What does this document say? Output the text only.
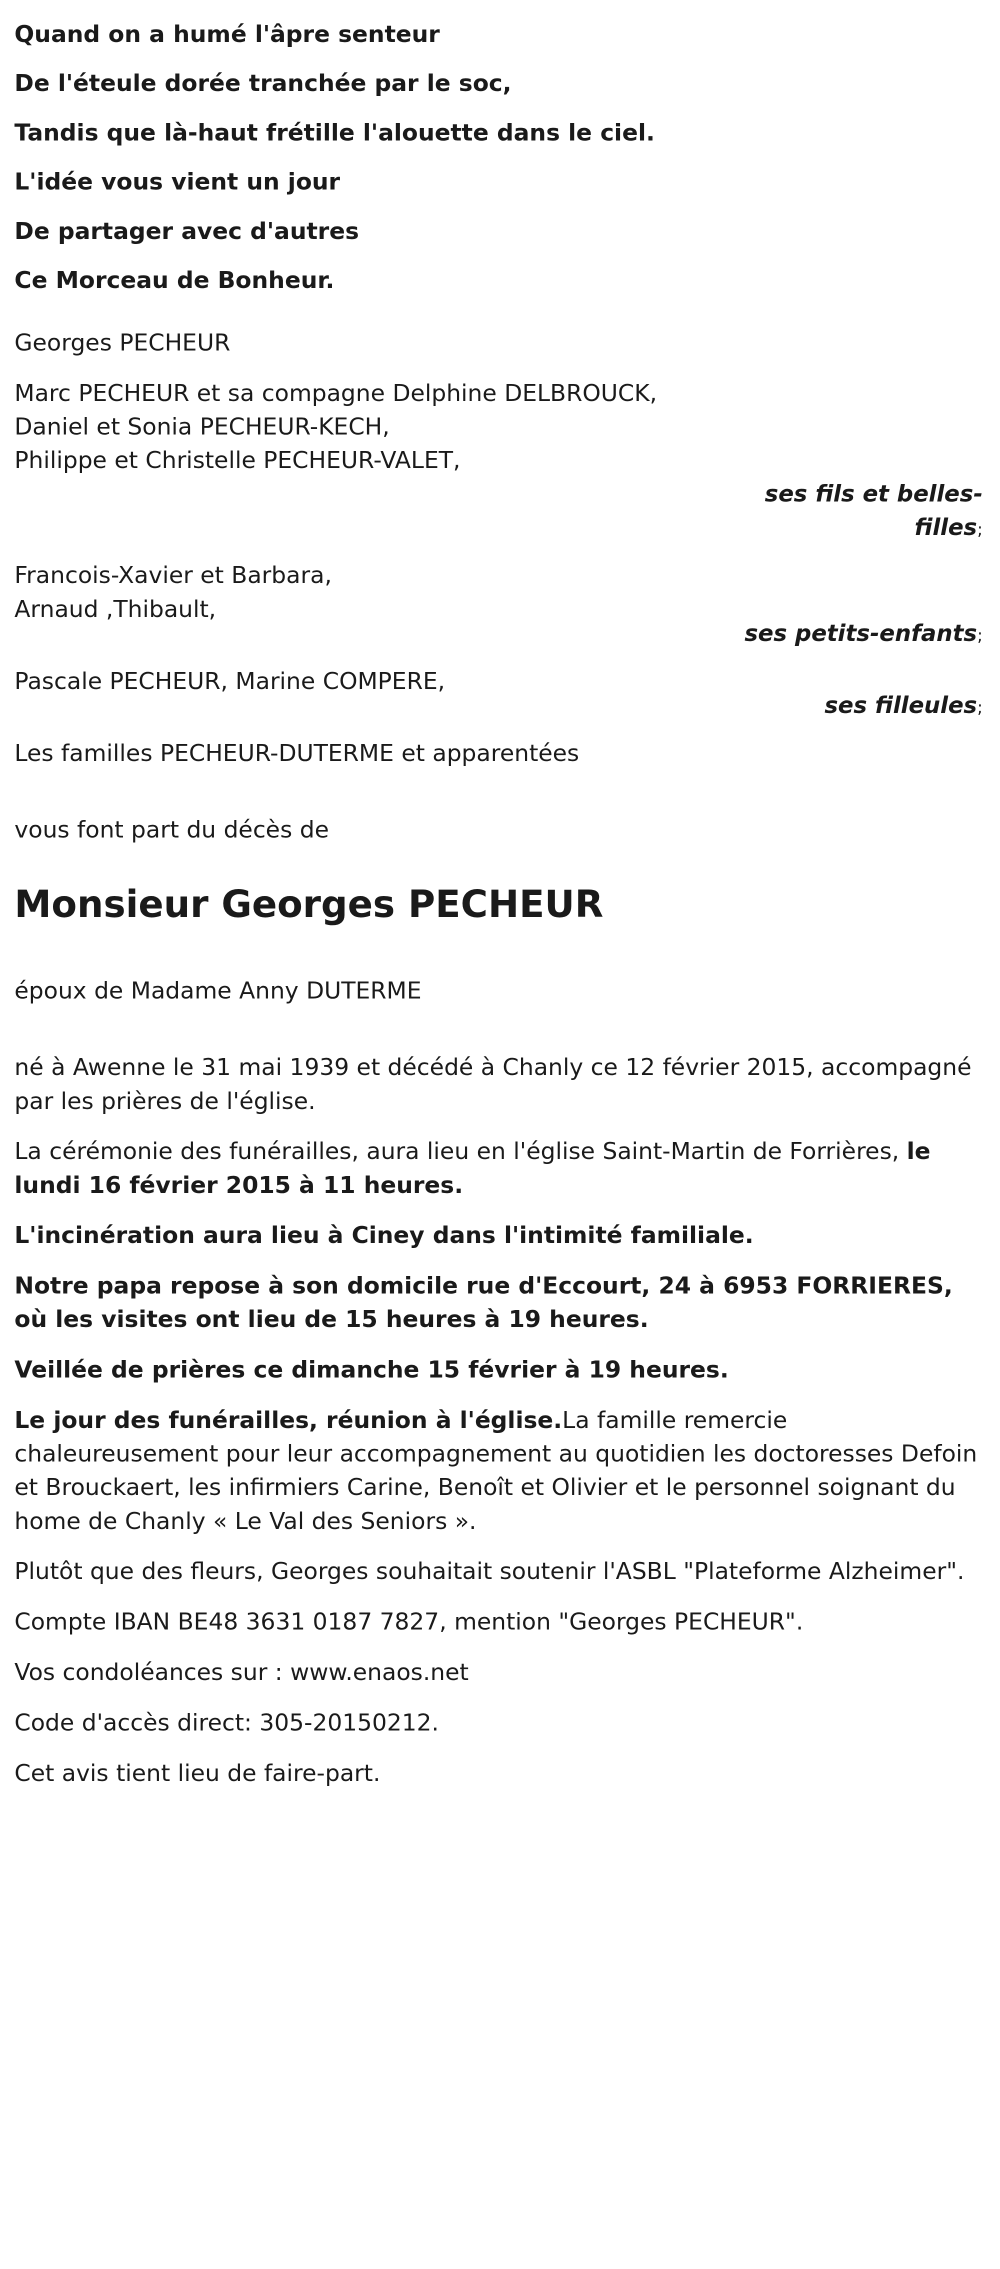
Quand on a humé l'âpre senteur

De l'éteule dorée tranchée par le soc,

Tandis que là-haut frétille l'alouette dans le ciel.

L'idée vous vient un jour

De partager avec d'autres

Ce Morceau de Bonheur.

Georges PECHEUR

Marc PECHEUR et sa compagne Delphine DELBROUCK,

Daniel et Sonia PECHEUR-KECH,

Philippe et Christelle PECHEUR-VALET,

ses fils et belles-

filles;

Francois-Xavier et Barbara,

Arnaud ,Thibault,

ses petits-enfants;

Pascale PECHEUR, Marine COMPERE,

ses filleules;

Les familles PECHEUR-DUTERME et apparentées

vous font part du décès de

Monsieur Georges PECHEUR

époux de Madame Anny DUTERME

né à Awenne le 31 mai 1939 et décédé à Chanly ce 12 février 2015, accompagné par les prières de l'église.

La cérémonie des funérailles, aura lieu en l'église Saint-Martin de Forrières, le lundi 16 février 2015 à 11 heures.

L'incinération aura lieu à Ciney dans l'intimité familiale.

Notre papa repose à son domicile rue d'Eccourt, 24 à 6953 FORRIERES, où les visites ont lieu de 15 heures à 19 heures.

Veillée de prières ce dimanche 15 février à 19 heures.

Le jour des funérailles, réunion à l'église.La famille remercie chaleureusement pour leur accompagnement au quotidien les doctoresses Defoin et Brouckaert, les infirmiers Carine, Benoît et Olivier et le personnel soignant du home de Chanly « Le Val des Seniors ».

Plutôt que des fleurs, Georges souhaitait soutenir l'ASBL "Plateforme Alzheimer".

Compte IBAN BE48 3631 0187 7827, mention "Georges PECHEUR".

Vos condoléances sur : www.enaos.net

Code d'accès direct: 305-20150212.

Cet avis tient lieu de faire-part.
